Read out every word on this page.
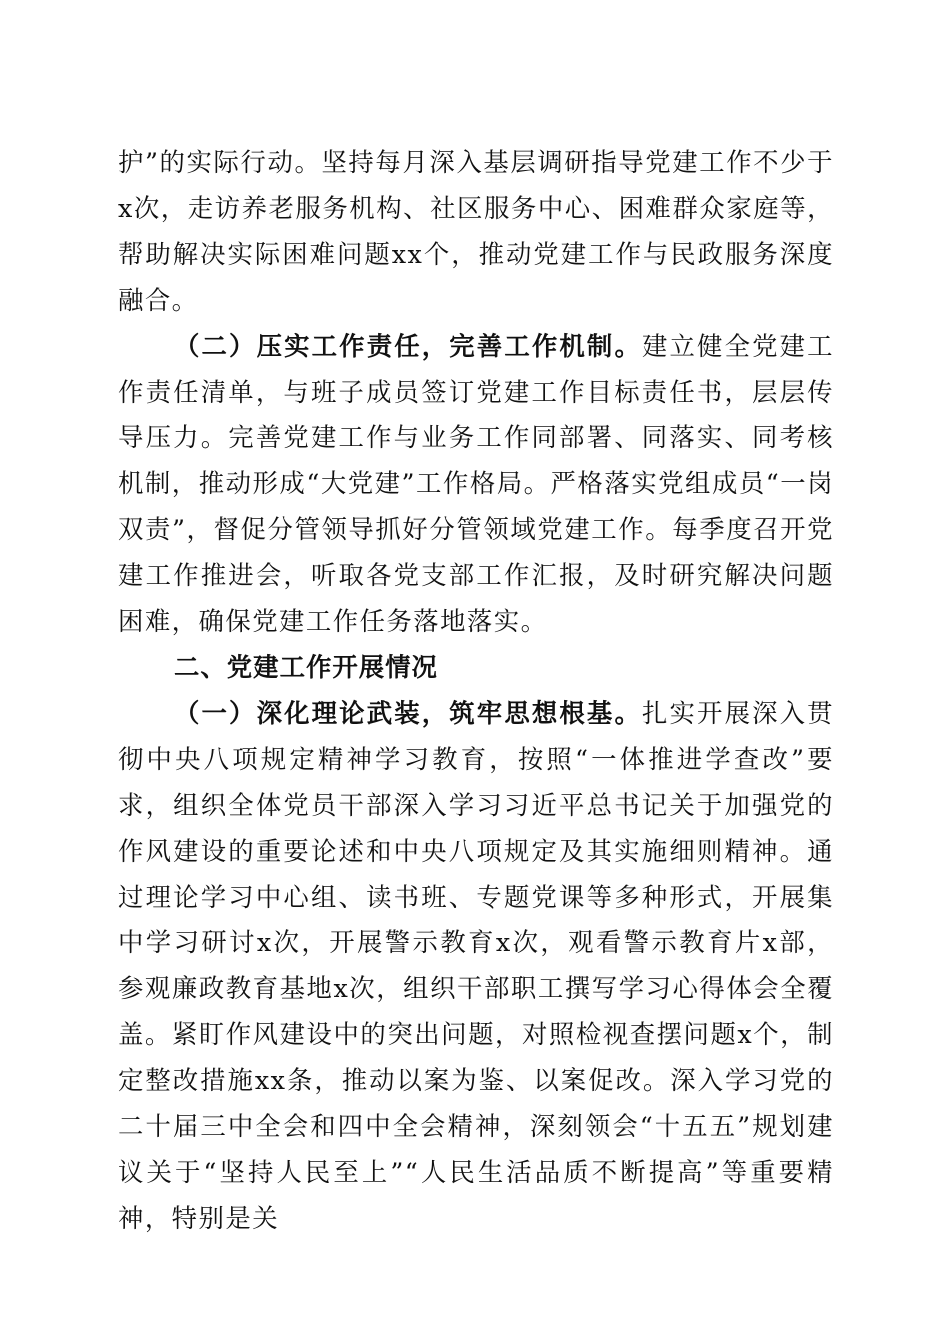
护”的实际行动。坚持每月深入基层调研指导党建工作不少于x次，走访养老服务机构、社区服务中心、困难群众家庭等，帮助解决实际困难问题xx个，推动党建工作与民政服务深度融合。

（二）压实工作责任，完善工作机制。建立健全党建工作责任清单，与班子成员签订党建工作目标责任书，层层传导压力。完善党建工作与业务工作同部署、同落实、同考核机制，推动形成“大党建”工作格局。严格落实党组成员“一岗双责”，督促分管领导抓好分管领域党建工作。每季度召开党建工作推进会，听取各党支部工作汇报，及时研究解决问题困难，确保党建工作任务落地落实。

二、党建工作开展情况

（一）深化理论武装，筑牢思想根基。扎实开展深入贯彻中央八项规定精神学习教育，按照“一体推进学查改”要求，组织全体党员干部深入学习习近平总书记关于加强党的作风建设的重要论述和中央八项规定及其实施细则精神。通过理论学习中心组、读书班、专题党课等多种形式，开展集中学习研讨x次，开展警示教育x次，观看警示教育片x部，参观廉政教育基地x次，组织干部职工撰写学习心得体会全覆盖。紧盯作风建设中的突出问题，对照检视查摆问题x个，制定整改措施xx条，推动以案为鉴、以案促改。深入学习党的二十届三中全会和四中全会精神，深刻领会“十五五”规划建议关于“坚持人民至上”“人民生活品质不断提高”等重要精神，特别是关
